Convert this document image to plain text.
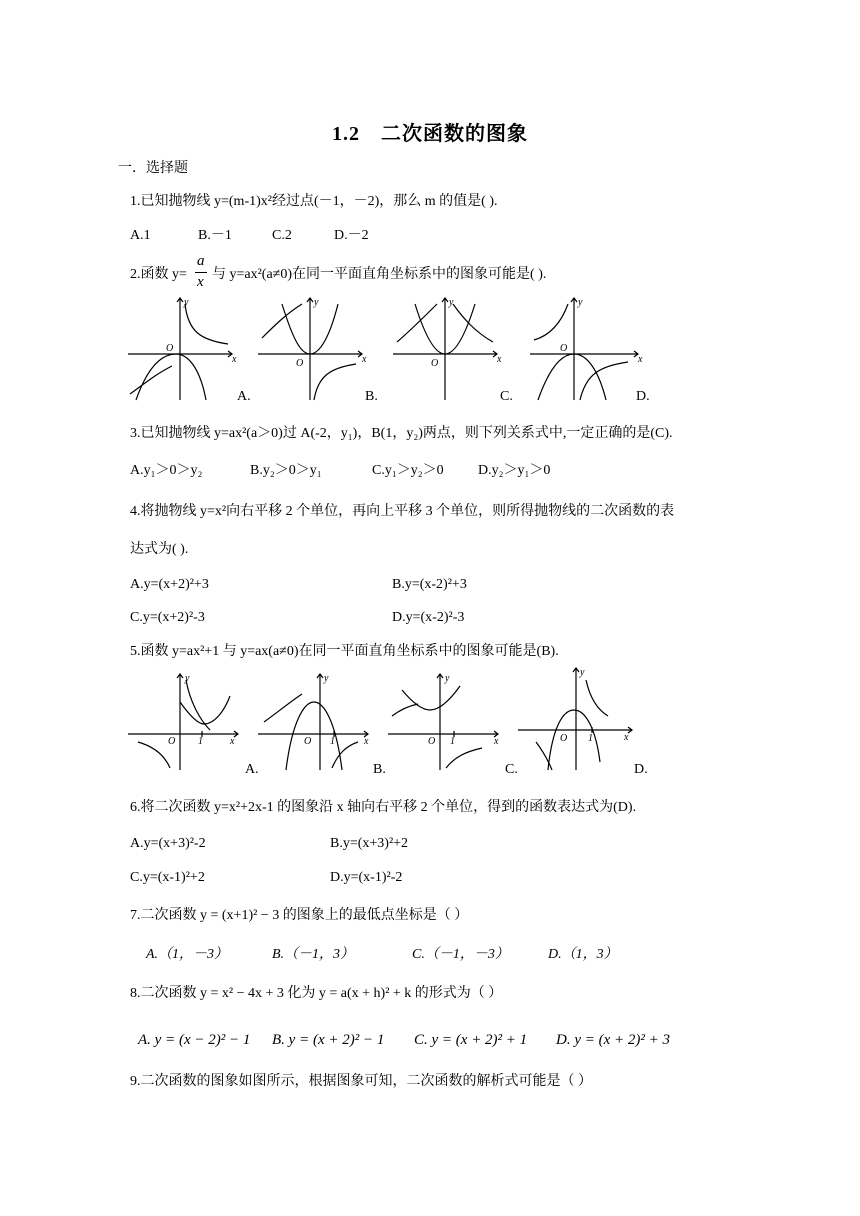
1.2　二次函数的图象
一．选择题
1.已知抛物线 y=(m-1)x²经过点(－1，－2)，那么 m 的值是( ).
A.1	B.－1	C.2	D.－2
2.函数 y=
a
x 与 y=ax²(a≠0)在同一平面直角坐标系中的图象可能是( ).
x
y
O
A.
x
y
O
B.
x
y
O
C.
x
y
O
D.
3.已知抛物线 y=ax²(a＞0)过 A(-2，y₁)，B(1，y₂)两点，则下列关系式中,一定正确的是(C).
A.y₁＞0＞y₂	B.y₂＞0＞y₁	C.y₁＞y₂＞0 D.y₂＞y₁＞0
4.将抛物线 y=x²向右平移 2 个单位，再向上平移 3 个单位，则所得抛物线的二次函数的表
达式为( ).
A.y=(x+2)²+3	B.y=(x-2)²+3
C.y=(x+2)²-3	D.y=(x-2)²-3
5.函数 y=ax²+1 与 y=ax(a≠0)在同一平面直角坐标系中的图象可能是(B).
x
y
O 1
A.
x
y
O 1
B.
x
y
O 1
C.
x
y
O 1
D.
6.将二次函数 y=x²+2x-1 的图象沿 x 轴向右平移 2 个单位，得到的函数表达式为(D).
A.y=(x+3)²-2	B.y=(x+3)²+2
C.y=(x-1)²+2	D.y=(x-1)²-2
7.二次函数 y = (x+1)² − 3 的图象上的最低点坐标是（ ）
A.（1，－3）	B.（－1，3）	C.（－1，－3）	D.（1，3）
8.二次函数 y = x² − 4x + 3 化为 y = a(x + h)² + k 的形式为（ ）
A. y = (x − 2)² − 1 B. y = (x + 2)² − 1 C. y = (x + 2)² + 1 D. y = (x + 2)² + 3
9.二次函数的图象如图所示，根据图象可知，二次函数的解析式可能是（ ）
